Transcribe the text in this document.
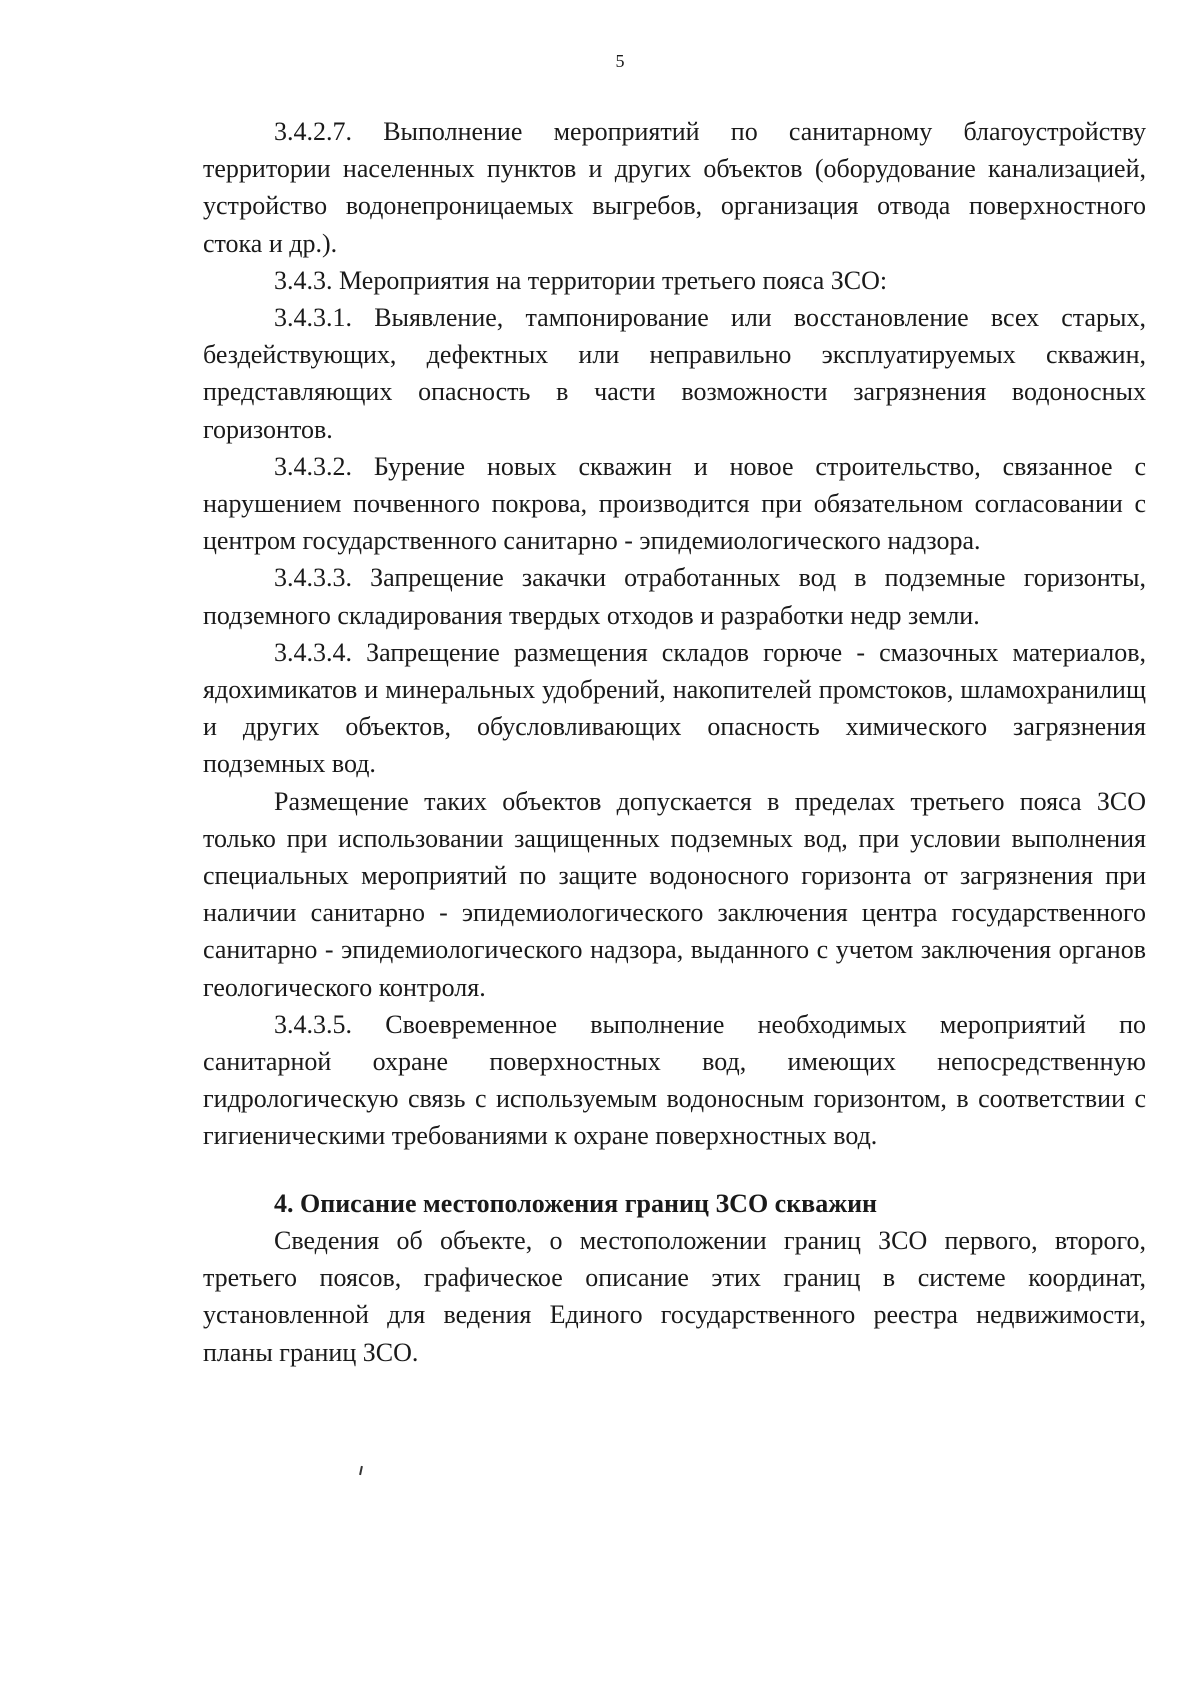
5

3.4.2.7. Выполнение мероприятий по санитарному благоустройству территории населенных пунктов и других объектов (оборудование канализацией, устройство водонепроницаемых выгребов, организация отвода поверхностного стока и др.).

3.4.3. Мероприятия на территории третьего пояса ЗСО:

3.4.3.1. Выявление, тампонирование или восстановление всех старых, бездействующих, дефектных или неправильно эксплуатируемых скважин, представляющих опасность в части возможности загрязнения водоносных горизонтов.

3.4.3.2. Бурение новых скважин и новое строительство, связанное с нарушением почвенного покрова, производится при обязательном согласовании с центром государственного санитарно - эпидемиологического надзора.

3.4.3.3. Запрещение закачки отработанных вод в подземные горизонты, подземного складирования твердых отходов и разработки недр земли.

3.4.3.4. Запрещение размещения складов горюче - смазочных материалов, ядохимикатов и минеральных удобрений, накопителей промстоков, шламохранилищ и других объектов, обусловливающих опасность химического загрязнения подземных вод.

Размещение таких объектов допускается в пределах третьего пояса ЗСО только при использовании защищенных подземных вод, при условии выполнения специальных мероприятий по защите водоносного горизонта от загрязнения при наличии санитарно - эпидемиологического заключения центра государственного санитарно - эпидемиологического надзора, выданного с учетом заключения органов геологического контроля.

3.4.3.5. Своевременное выполнение необходимых мероприятий по санитарной охране поверхностных вод, имеющих непосредственную гидрологическую связь с используемым водоносным горизонтом, в соответствии с гигиеническими требованиями к охране поверхностных вод.

4. Описание местоположения границ ЗСО скважин

Сведения об объекте, о местоположении границ ЗСО первого, второго, третьего поясов, графическое описание этих границ в системе координат, установленной для ведения Единого государственного реестра недвижимости, планы границ ЗСО.
